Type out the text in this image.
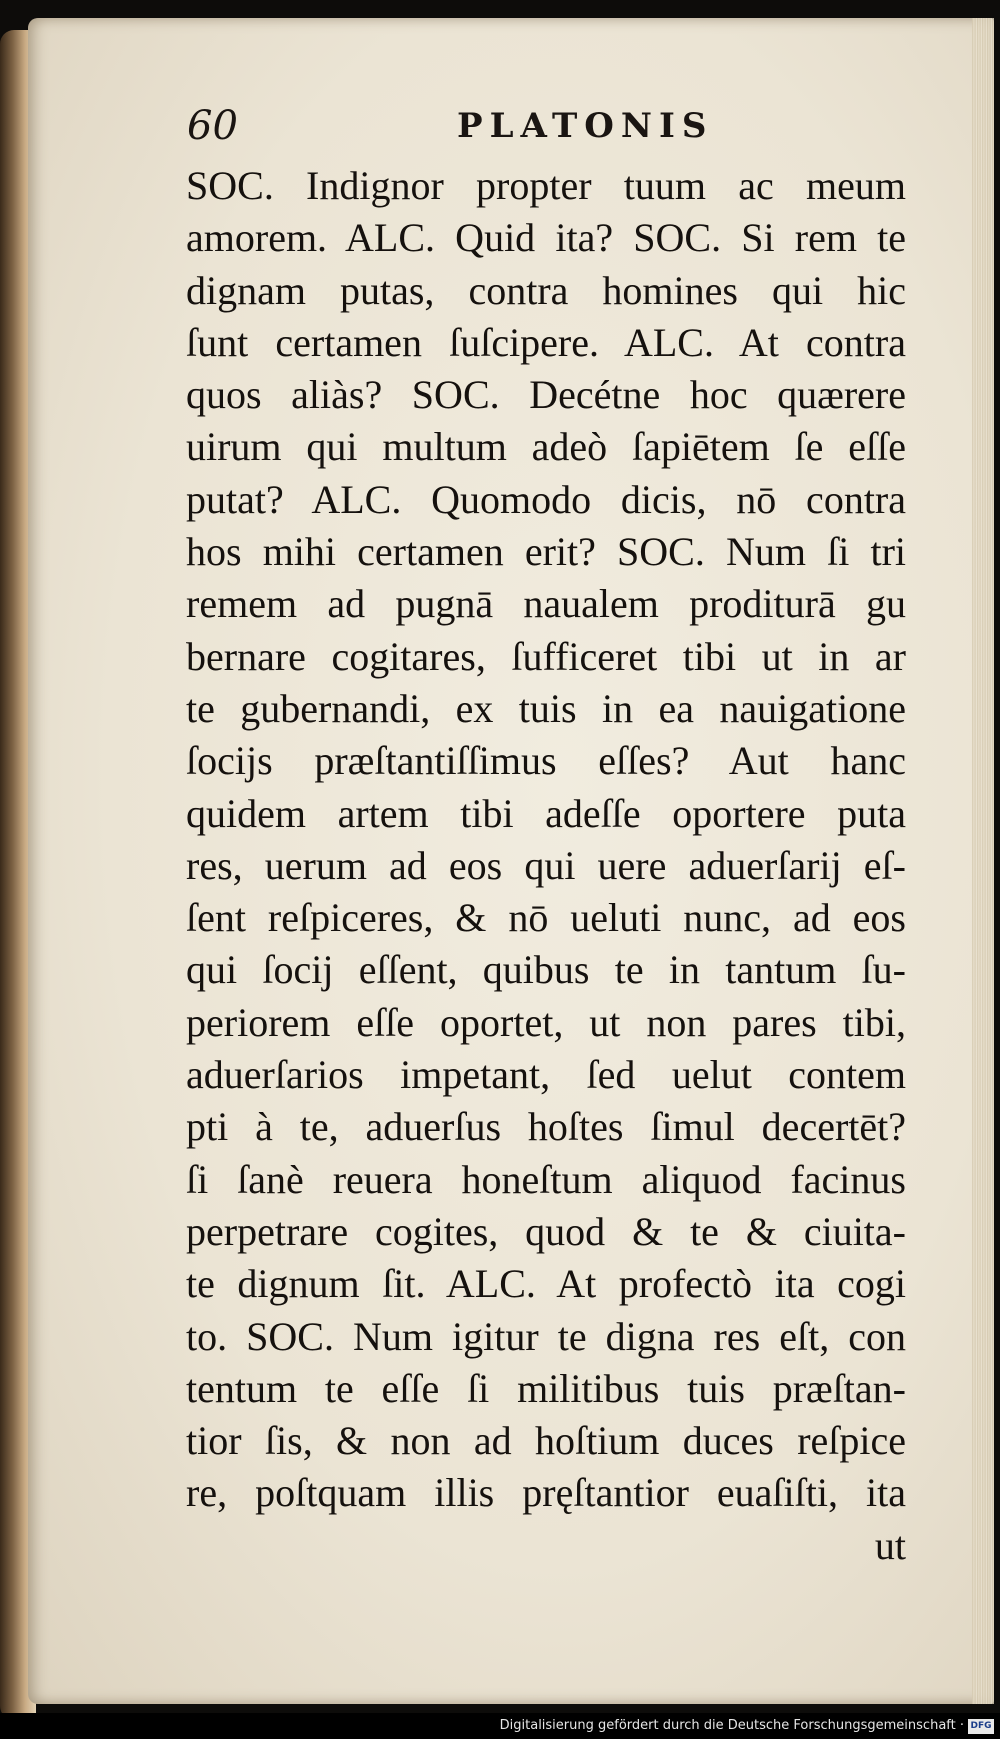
60	PLATONIS
SOC. Indignor propter tuum ac meum
amorem. ALC. Quid ita? SOC. Si rem te
dignam putas, contra homines qui hic
ſunt certamen ſuſcipere. ALC. At contra
quos aliàs? SOC. Decétne hoc quærere
uirum qui multum adeò ſapiētem ſe eſſe
putat? ALC. Quomodo dicis, nō contra
hos mihi certamen erit? SOC. Num ſi tri
remem ad pugnā naualem proditurā gu
bernare cogitares, ſufficeret tibi ut in ar
te gubernandi, ex tuis in ea nauigatione
ſocijs præſtantiſſimus eſſes? Aut hanc
quidem artem tibi adeſſe oportere puta
res, uerum ad eos qui uere aduerſarij eſ-
ſent reſpiceres, & nō ueluti nunc, ad eos
qui ſocij eſſent, quibus te in tantum ſu-
periorem eſſe oportet, ut non pares tibi,
aduerſarios impetant, ſed uelut contem
pti à te, aduerſus hoſtes ſimul decertēt?
ſi ſanè reuera honeſtum aliquod facinus
perpetrare cogites, quod & te & ciuita-
te dignum ſit. ALC. At profectò ita cogi
to. SOC. Num igitur te digna res eſt, con
tentum te eſſe ſi militibus tuis præſtan-
tior ſis, & non ad hoſtium duces reſpice
re, poſtquam illis pręſtantior euaſiſti, ita
ut
Digitalisierung gefördert durch die Deutsche Forschungsgemeinschaft · DFG
